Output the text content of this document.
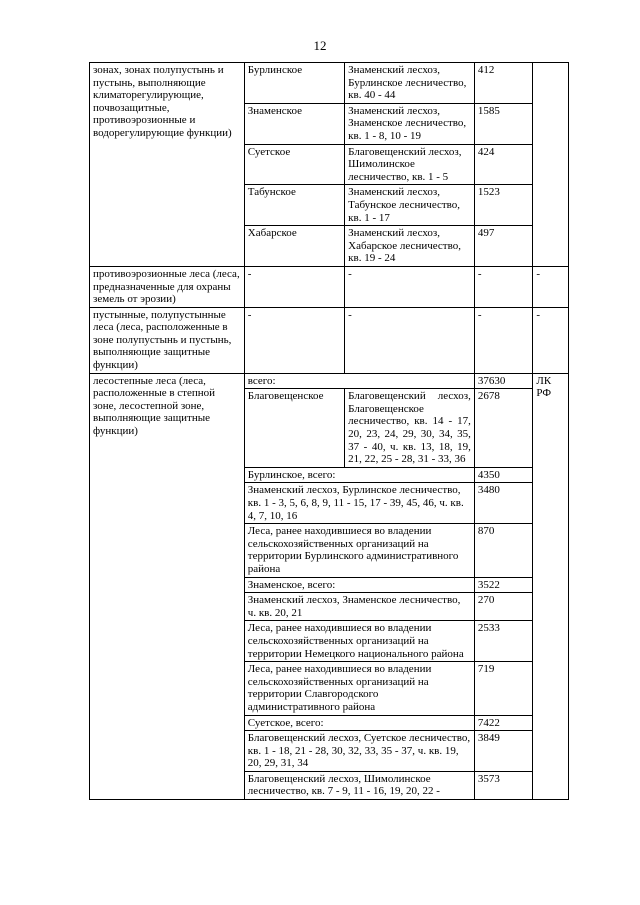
12
зонах, зонах полупустынь и пустынь, выполняющие климаторегулирующие, почвозащитные, противоэрозионные и водорегулирующие функции)	Бурлинское	Знаменский лесхоз, Бурлинское лесничество, кв. 40 - 44	412	
	Знаменское	Знаменский лесхоз, Знаменское лесничество, кв. 1 - 8, 10 - 19	1585	
	Суетское	Благовещенский лесхоз, Шимолинское лесничество, кв. 1 - 5	424	
	Табунское	Знаменский лесхоз, Табунское лесничество, кв. 1 - 17	1523	
	Хабарское	Знаменский лесхоз, Хабарское лесничество, кв. 19 - 24	497	
противоэрозионные леса (леса, предназначенные для охраны земель от эрозии)	-	-	-	-
пустынные, полупустынные леса (леса, расположенные в зоне полупустынь и пустынь, выполняющие защитные функции)	-	-	-	-
лесостепные леса (леса, расположенные в степной зоне, лесостепной зоне, выполняющие защитные функции)	всего:		37630	ЛК РФ
	Благовещенское	Благовещенский лесхоз, Благовещенское лесничество, кв. 14 - 17, 20, 23, 24, 29, 30, 34, 35, 37 - 40, ч. кв. 13, 18, 19, 21, 22, 25 - 28, 31 - 33, 36	2678	
	Бурлинское, всего:		4350	
	Знаменский лесхоз, Бурлинское лесничество, кв. 1 - 3, 5, 6, 8, 9, 11 - 15, 17 - 39, 45, 46, ч. кв. 4, 7, 10, 16		3480	
	Леса, ранее находившиеся во владении сельскохозяйственных организаций на территории Бурлинского административного района		870	
	Знаменское, всего:		3522	
	Знаменский лесхоз, Знаменское лесничество, ч. кв. 20, 21		270	
	Леса, ранее находившиеся во владении сельскохозяйственных организаций на территории Немецкого национального района		2533	
	Леса, ранее находившиеся во владении сельскохозяйственных организаций на территории Славгородского административного района		719	
	Суетское, всего:		7422	
	Благовещенский лесхоз, Суетское лесничество, кв. 1 - 18, 21 - 28, 30, 32, 33, 35 - 37, ч. кв. 19, 20, 29, 31, 34		3849	
	Благовещенский лесхоз, Шимолинское лесничество, кв. 7 - 9, 11 - 16, 19, 20, 22 -		3573	
